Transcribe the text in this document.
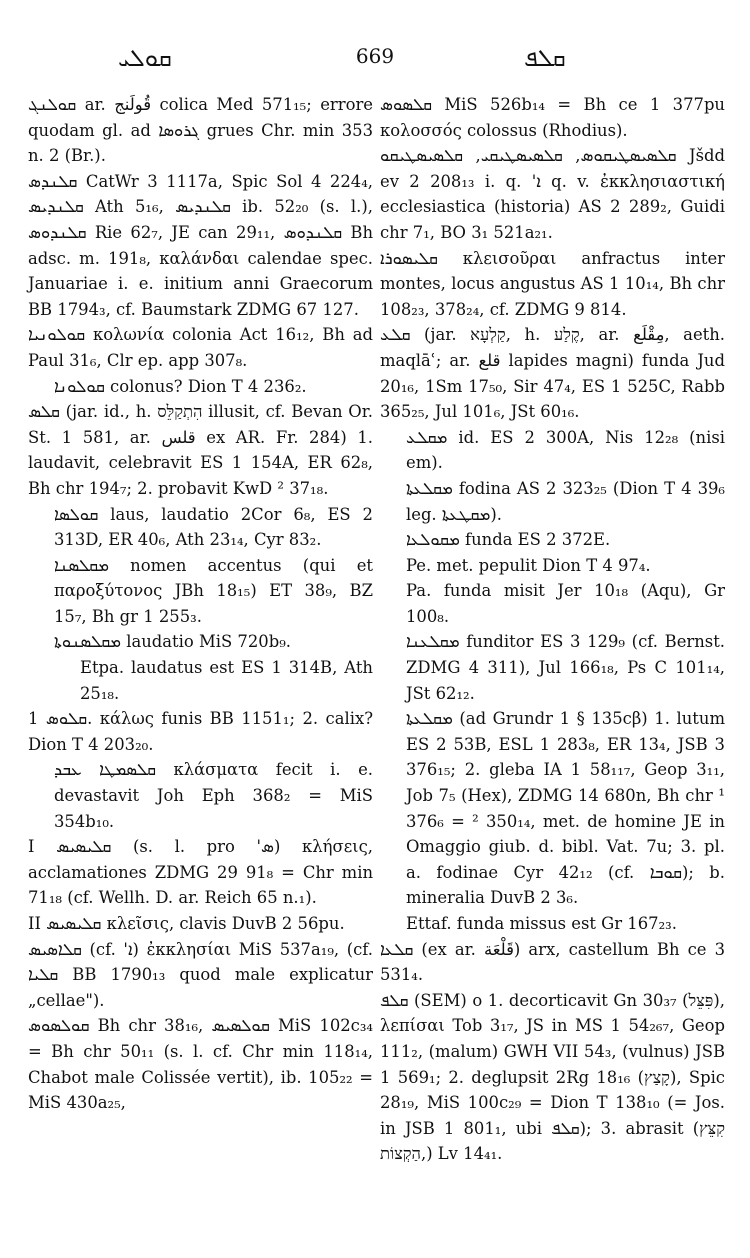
ܩܘܠܝ	669	ܩܠܦ

ܩܘܠܢܓ ar. قُولَنج colica Med 571₁₅; errore quodam gl. ad ܓܪܘܣܐ grues Chr. min 353 n. 2 (Br.).

ܩܠܢܕܣ CatWr 3 1117a, Spic Sol 4 224₄, ܩܠܢܕܝܣ Ath 5₁₆, ܩܠܢܕܝܣ ib. 52₂₀ (s. l.), ܩܠܢܕܘܣ Rie 62₇, JE can 29₁₁, ܩܠܢܕܘܣ Bh adsc. m. 191₈, καλάνδαι calendae spec. Januariae i. e. initium anni Graecorum BB 1794₃, cf. Baumstark ZDMG 67 127.

ܩܘܠܘܢܝܐ κολωνία colonia Act 16₁₂, Bh ad Paul 31₆, Clr ep. app 307₈.

ܩܘܠܘܢܐ colonus? Dion T 4 236₂.

ܩܠܣ (jar. id., h. הִתְקַלֵּס illusit, cf. Bevan Or. St. 1 581, ar. قلس ex AR. Fr. 284) 1. laudavit, celebravit ES 1 154A, ER 62₈, Bh chr 194₇; 2. probavit KwD ² 37₁₈.

ܩܘܠܣܐ laus, laudatio 2Cor 6₈, ES 2 313D, ER 40₆, Ath 23₁₄, Cyr 83₂.

ܡܩܠܣܢܐ nomen accentus (qui et παροξύτονος JBh 18₁₅) ET 38₉, BZ 15₇, Bh gr 1 255₃.

ܡܩܠܣܢܘܬܐ laudatio MiS 720b₉.

Etpa. laudatus est ES 1 314B, Ath 25₁₈.

ܩܠܘܣ 1. κάλως funis BB 1151₁; 2. calix? Dion T 4 203₂₀.

ܩܠܣܡܛܐ ܥܒܕ κλάσματα fecit i. e. devastavit Joh Eph 368₂ = MiS 354b₁₀.

I ܩܠܝܣܝܣ (s. l. pro 'ܣ) κλήσεις, acclamationes ZDMG 29 91₈ = Chr min 71₁₈ (cf. Wellh. D. ar. Reich 65 n.₁).

II ܩܠܝܣܝܣ κλεῖσις, clavis DuvB 2 56pu.

ܩܠܐܣܝܣ (cf. 'ܐ) ἐκκλησίαι MiS 537a₁₉, (cf. ܩܠܝܐ BB 1790₁₃ quod male explicatur „cellae").

ܩܘܠܣܘܣ Bh chr 38₁₆, ܩܘܠܣܝܣ MiS 102c₃₄ = Bh chr 50₁₁ (s. l. cf. Chr min 118₁₄, Chabot male Colissée vertit), ib. 105₂₂ = MiS 430a₂₅,

ܩܠܣܘܣ MiS 526b₁₄ = Bh ce 1 377pu κολοσσός colossus (Rhodius).

ܩܠܣܝܣܛܝܩܘܣ, ܩܠܣܝܣܛܝܩܝ, ܩܠܣܝܣܛܝܩܘ Jšdd ev 2 208₁₃ i. q. 'ܐ q. v. ἐκκλησιαστική ecclesiastica (historia) AS 2 289₂, Guidi chr 7₁, BO 3₁ 521a₂₁.

ܩܠܝܣܘܪܐ κλεισοῦραι anfractus inter montes, locus angustus AS 1 10₁₄, Bh chr 108₂₃, 378₂₄, cf. ZDMG 9 814.

ܩܠܥ (jar. קַלְעָא, h. קֶלַע, ar. مِقْلَع, aeth. maqlāʿ; ar. قلع lapides magni) funda Jud 20₁₆, 1Sm 17₅₀, Sir 47₄, ES 1 525C, Rabb 365₂₅, Jul 101₆, JSt 60₁₆.

ܡܩܠܥ id. ES 2 300A, Nis 12₂₈ (nisi em).

ܡܩܠܥܬܐ fodina AS 2 323₂₅ (Dion T 4 39₆ leg. ܡܩܛܥܬܐ).

ܡܩܘܠܥܐ funda ES 2 372E.

Pe. met. pepulit Dion T 4 97₄.

Pa. funda misit Jer 10₁₈ (Aqu), Gr 100₈.

ܡܩܠܥܢܐ funditor ES 3 129₉ (cf. Bernst. ZDMG 4 311), Jul 166₁₈, Ps C 101₁₄, JSt 62₁₂.

ܡܩܠܥܬܐ (ad Grundr 1 § 135cβ) 1. lutum ES 2 53B, ESL 1 283₈, ER 13₄, JSB 3 376₁₅; 2. gleba IA 1 58₁₁₇, Geop 3₁₁, Job 7₅ (Hex), ZDMG 14 680n, Bh chr ¹ 376₆ = ² 350₁₄, met. de homine JE in Omaggio giub. d. bibl. Vat. 7u; 3. pl. a. fodinae Cyr 42₁₂ (cf. ܩܘܒܐ); b. mineralia DuvB 2 3₆.

Ettaf. funda missus est Gr 167₂₃.

ܩܠܥܐ (ex ar. قَلْعَة) arx, castellum Bh ce 3 531₄.

ܩܠܦ (SEM) o 1. decorticavit Gn 30₃₇ (פִּצֵּל), λεπίσαι Tob 3₁₇, JS in MS 1 54₂₆₇, Geop 111₂, (malum) GWH VII 54₃, (vulnus) JSB 1 569₁; 2. deglupsit 2Rg 18₁₆ (קָצַץ), Spic 28₁₉, MiS 100c₂₉ = Dion T 138₁₀ (= Jos. in JSB 1 801₁, ubi ܩܠܦ); 3. abrasit (קִצֵּץ ,הַקְצוֹת) Lv 14₄₁.
